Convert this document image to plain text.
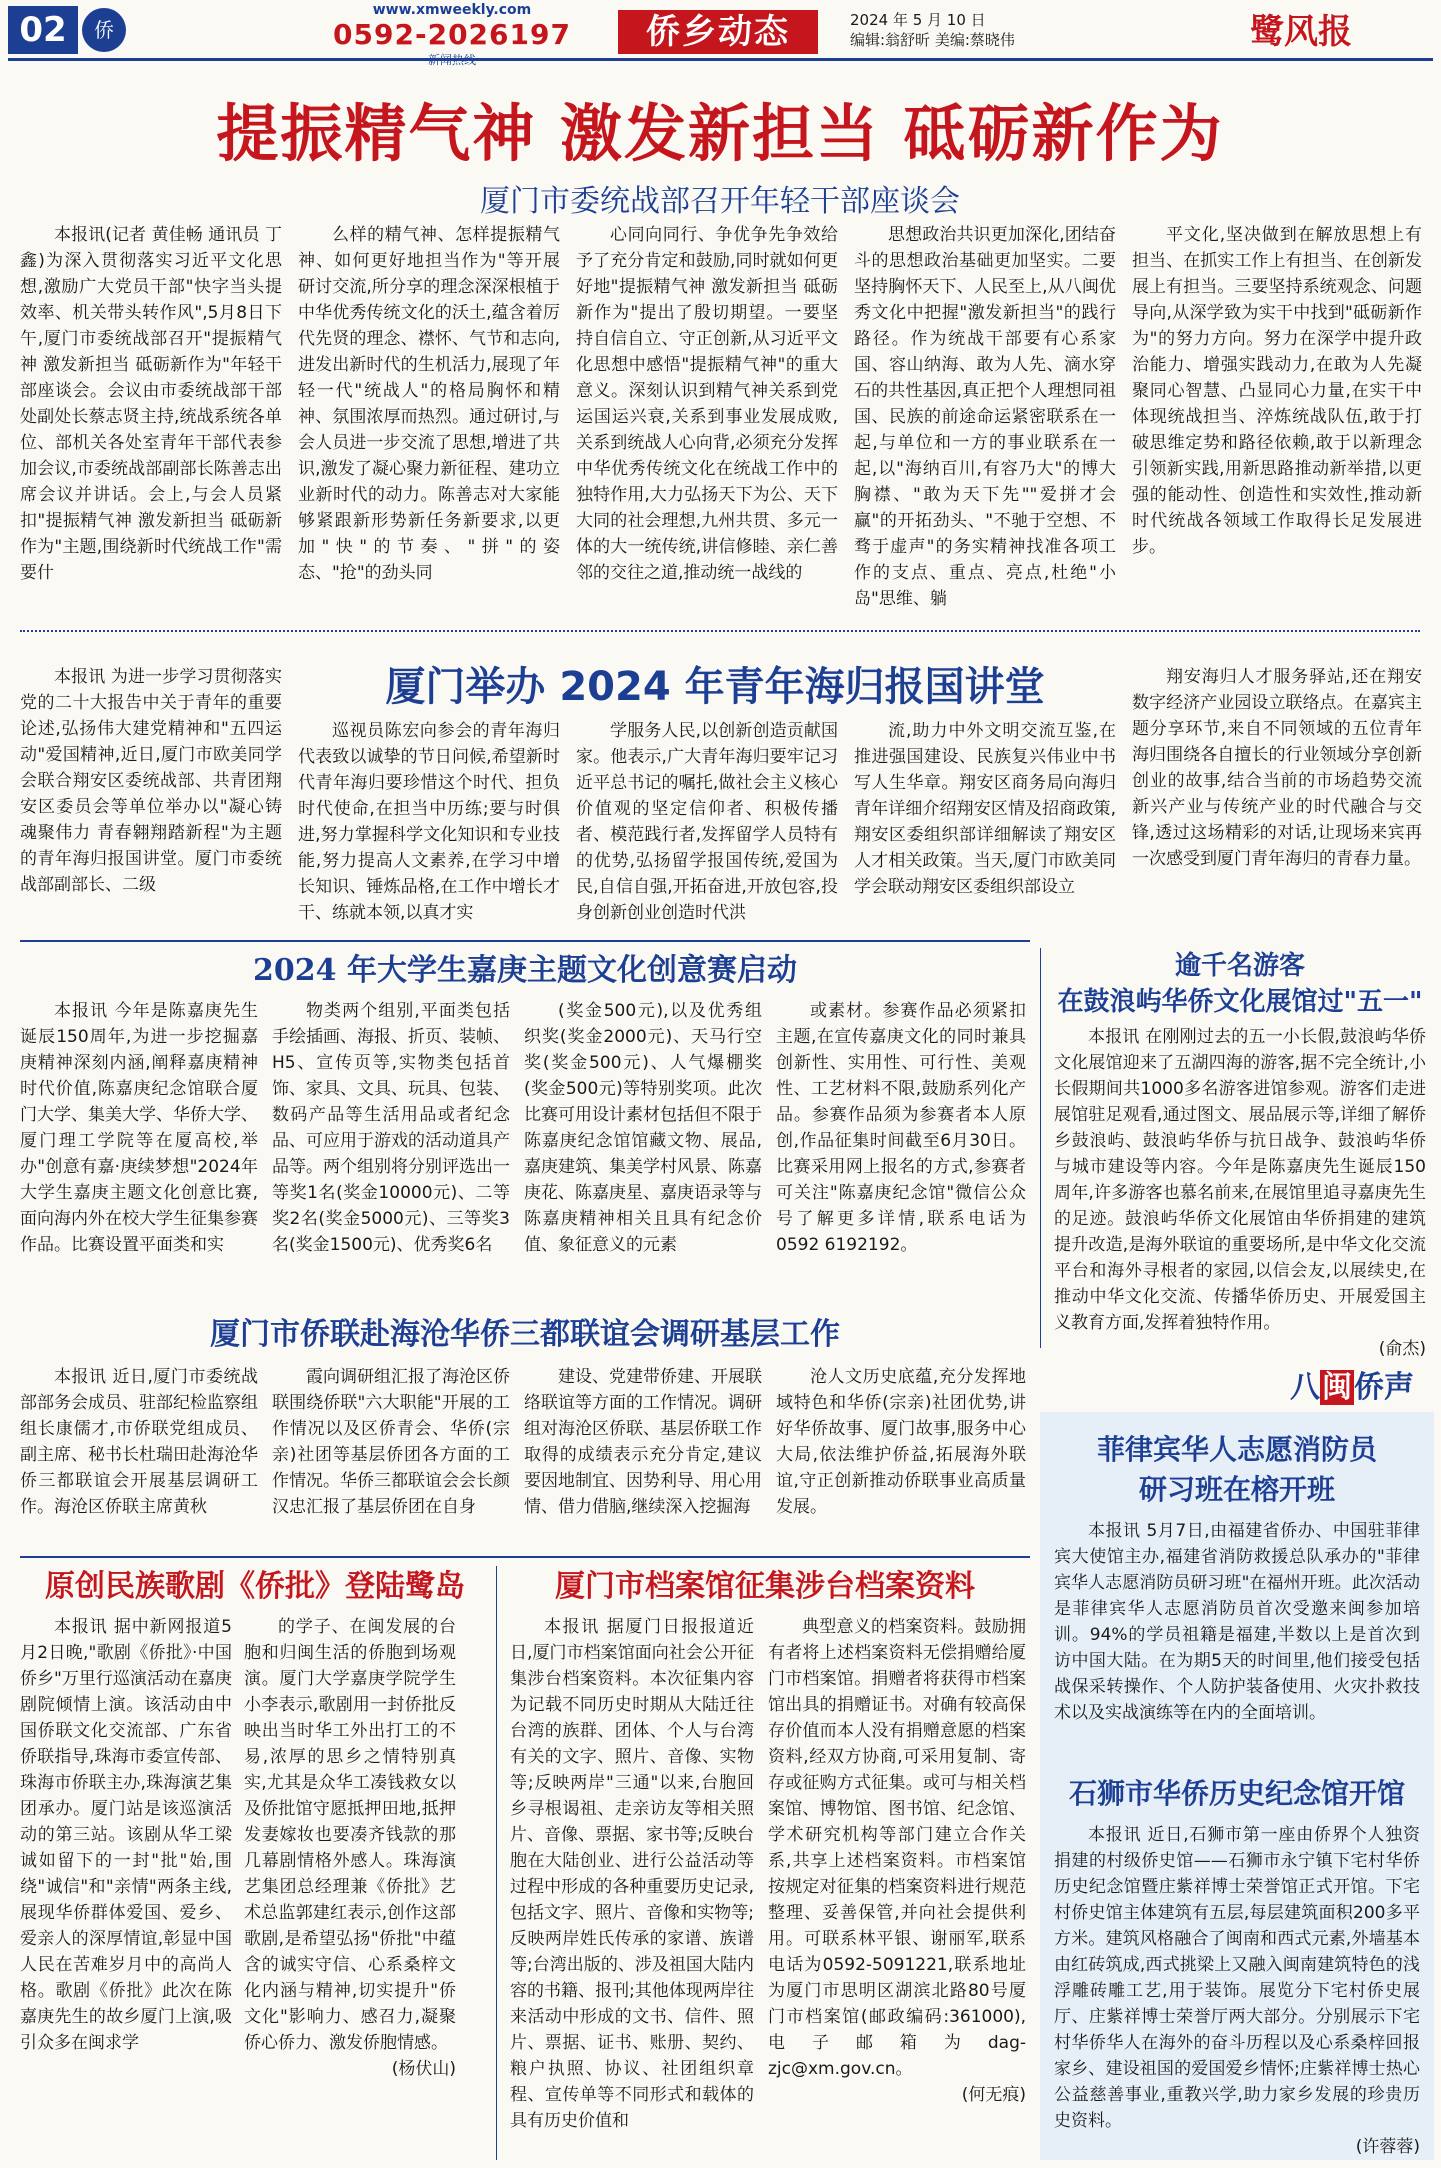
02	侨
www.xmweekly.com
0592-2026197	侨乡动态	2024 年 5 月 10 日
编辑:翁舒昕 美编:蔡晓伟	鹭风报
提振精气神 激发新担当 砥砺新作为
厦门市委统战部召开年轻干部座谈会

本报讯(记者 黄佳畅 通讯员 丁鑫)为深入贯彻落实习近平文化思想,激励广大党员干部"快字当头提效率、机关带头转作风",5月8日下午,厦门市委统战部召开"提振精气神 激发新担当 砥砺新作为"年轻干部座谈会。会议由市委统战部干部处副处长蔡志贤主持,统战系统各单位、部机关各处室青年干部代表参加会议,市委统战部副部长陈善志出席会议并讲话。会上,与会人员紧扣"提振精气神 激发新担当 砥砺新作为"主题,围绕新时代统战工作"需要什

么样的精气神、怎样提振精气神、如何更好地担当作为"等开展研讨交流,所分享的理念深深根植于中华优秀传统文化的沃土,蕴含着厉代先贤的理念、襟怀、气节和志向,进发出新时代的生机活力,展现了年轻一代"统战人"的格局胸怀和精神、氛围浓厚而热烈。通过研讨,与会人员进一步交流了思想,增进了共识,激发了凝心聚力新征程、建功立业新时代的动力。陈善志对大家能够紧跟新形势新任务新要求,以更加"快"的节奏、"拼"的姿态、"抢"的劲头同

心同向同行、争优争先争效给予了充分肯定和鼓励,同时就如何更好地"提振精气神 激发新担当 砥砺新作为"提出了殷切期望。一要坚持自信自立、守正创新,从习近平文化思想中感悟"提振精气神"的重大意义。深刻认识到精气神关系到党运国运兴衰,关系到事业发展成败,关系到统战人心向背,必须充分发挥中华优秀传统文化在统战工作中的独特作用,大力弘扬天下为公、天下大同的社会理想,九州共贯、多元一体的大一统传统,讲信修睦、亲仁善邻的交往之道,推动统一战线的

思想政治共识更加深化,团结奋斗的思想政治基础更加坚实。二要坚持胸怀天下、人民至上,从八闽优秀文化中把握"激发新担当"的践行路径。作为统战干部要有心系家国、容山纳海、敢为人先、滴水穿石的共性基因,真正把个人理想同祖国、民族的前途命运紧密联系在一起,与单位和一方的事业联系在一起,以"海纳百川,有容乃大"的博大胸襟、"敢为天下先""爱拼才会赢"的开拓劲头、"不驰于空想、不骛于虚声"的务实精神找准各项工作的支点、重点、亮点,杜绝"小岛"思维、躺

平文化,坚决做到在解放思想上有担当、在抓实工作上有担当、在创新发展上有担当。三要坚持系统观念、问题导向,从深学致为实干中找到"砥砺新作为"的努力方向。努力在深学中提升政治能力、增强实践动力,在敢为人先凝聚同心智慧、凸显同心力量,在实干中体现统战担当、淬炼统战队伍,敢于打破思维定势和路径依赖,敢于以新理念引领新实践,用新思路推动新举措,以更强的能动性、创造性和实效性,推动新时代统战各领域工作取得长足发展进步。

本报讯 为进一步学习贯彻落实党的二十大报告中关于青年的重要论述,弘扬伟大建党精神和"五四运动"爱国精神,近日,厦门市欧美同学会联合翔安区委统战部、共青团翔安区委员会等单位举办以"凝心铸魂聚伟力 青春翱翔踏新程"为主题的青年海归报国讲堂。厦门市委统战部副部长、二级

厦门举办 2024 年青年海归报国讲堂

巡视员陈宏向参会的青年海归代表致以诚挚的节日问候,希望新时代青年海归要珍惜这个时代、担负时代使命,在担当中历练;要与时俱进,努力掌握科学文化知识和专业技能,努力提高人文素养,在学习中增长知识、锤炼品格,在工作中增长才干、练就本领,以真才实

学服务人民,以创新创造贡献国家。他表示,广大青年海归要牢记习近平总书记的嘱托,做社会主义核心价值观的坚定信仰者、积极传播者、模范践行者,发挥留学人员特有的优势,弘扬留学报国传统,爱国为民,自信自强,开拓奋进,开放包容,投身创新创业创造时代洪

流,助力中外文明交流互鉴,在推进强国建设、民族复兴伟业中书写人生华章。翔安区商务局向海归青年详细介绍翔安区情及招商政策,翔安区委组织部详细解读了翔安区人才相关政策。当天,厦门市欧美同学会联动翔安区委组织部设立

翔安海归人才服务驿站,还在翔安数字经济产业园设立联络点。在嘉宾主题分享环节,来自不同领域的五位青年海归围绕各自擅长的行业领域分享创新创业的故事,结合当前的市场趋势交流新兴产业与传统产业的时代融合与交锋,透过这场精彩的对话,让现场来宾再一次感受到厦门青年海归的青春力量。

2024 年大学生嘉庚主题文化创意赛启动

本报讯 今年是陈嘉庚先生诞辰150周年,为进一步挖掘嘉庚精神深刻内涵,阐释嘉庚精神时代价值,陈嘉庚纪念馆联合厦门大学、集美大学、华侨大学、厦门理工学院等在厦高校,举办"创意有嘉·庚续梦想"2024年大学生嘉庚主题文化创意比赛,面向海内外在校大学生征集参赛作品。比赛设置平面类和实

物类两个组别,平面类包括手绘插画、海报、折页、装帧、H5、宣传页等,实物类包括首饰、家具、文具、玩具、包装、数码产品等生活用品或者纪念品、可应用于游戏的活动道具产品等。两个组别将分别评选出一等奖1名(奖金10000元)、二等奖2名(奖金5000元)、三等奖3名(奖金1500元)、优秀奖6名

(奖金500元),以及优秀组织奖(奖金2000元)、天马行空奖(奖金500元)、人气爆棚奖(奖金500元)等特别奖项。此次比赛可用设计素材包括但不限于陈嘉庚纪念馆馆藏文物、展品,嘉庚建筑、集美学村风景、陈嘉庚花、陈嘉庚星、嘉庚语录等与陈嘉庚精神相关且具有纪念价值、象征意义的元素

或素材。参赛作品必须紧扣主题,在宣传嘉庚文化的同时兼具创新性、实用性、可行性、美观性、工艺材料不限,鼓励系列化产品。参赛作品须为参赛者本人原创,作品征集时间截至6月30日。比赛采用网上报名的方式,参赛者可关注"陈嘉庚纪念馆"微信公众号了解更多详情,联系电话为0592 6192192。

逾千名游客
在鼓浪屿华侨文化展馆过"五一"

本报讯 在刚刚过去的五一小长假,鼓浪屿华侨文化展馆迎来了五湖四海的游客,据不完全统计,小长假期间共1000多名游客进馆参观。游客们走进展馆驻足观看,通过图文、展品展示等,详细了解侨乡鼓浪屿、鼓浪屿华侨与抗日战争、鼓浪屿华侨与城市建设等内容。今年是陈嘉庚先生诞辰150周年,许多游客也慕名前来,在展馆里追寻嘉庚先生的足迹。鼓浪屿华侨文化展馆由华侨捐建的建筑提升改造,是海外联谊的重要场所,是中华文化交流平台和海外寻根者的家园,以信会友,以展续史,在推动中华文化交流、传播华侨历史、开展爱国主义教育方面,发挥着独特作用。

(俞杰)
厦门市侨联赴海沧华侨三都联谊会调研基层工作

本报讯 近日,厦门市委统战部部务会成员、驻部纪检监察组组长康儒才,市侨联党组成员、副主席、秘书长杜瑞田赴海沧华侨三都联谊会开展基层调研工作。海沧区侨联主席黄秋

霞向调研组汇报了海沧区侨联围绕侨联"六大职能"开展的工作情况以及区侨青会、华侨(宗亲)社团等基层侨团各方面的工作情况。华侨三都联谊会会长颜汉忠汇报了基层侨团在自身

建设、党建带侨建、开展联络联谊等方面的工作情况。调研组对海沧区侨联、基层侨联工作取得的成绩表示充分肯定,建议要因地制宜、因势利导、用心用情、借力借脑,继续深入挖掘海

沧人文历史底蕴,充分发挥地域特色和华侨(宗亲)社团优势,讲好华侨故事、厦门故事,服务中心大局,依法维护侨益,拓展海外联谊,守正创新推动侨联事业高质量发展。

八闽侨声
菲律宾华人志愿消防员
研习班在榕开班

本报讯 5月7日,由福建省侨办、中国驻菲律宾大使馆主办,福建省消防救援总队承办的"菲律宾华人志愿消防员研习班"在福州开班。此次活动是菲律宾华人志愿消防员首次受邀来闽参加培训。94%的学员祖籍是福建,半数以上是首次到访中国大陆。在为期5天的时间里,他们接受包括战保采转操作、个人防护装备使用、火灾扑救技术以及实战演练等在内的全面培训。

石狮市华侨历史纪念馆开馆

本报讯 近日,石狮市第一座由侨界个人独资捐建的村级侨史馆——石狮市永宁镇下宅村华侨历史纪念馆暨庄紫祥博士荣誉馆正式开馆。下宅村侨史馆主体建筑有五层,每层建筑面积200多平方米。建筑风格融合了闽南和西式元素,外墙基本由红砖筑成,西式挑梁上又融入闽南建筑特色的浅浮雕砖雕工艺,用于装饰。展览分下宅村侨史展厅、庄紫祥博士荣誉厅两大部分。分别展示下宅村华侨华人在海外的奋斗历程以及心系桑梓回报家乡、建设祖国的爱国爱乡情怀;庄紫祥博士热心公益慈善事业,重教兴学,助力家乡发展的珍贵历史资料。

(许蓉蓉)
原创民族歌剧《侨批》登陆鹭岛

本报讯 据中新网报道5月2日晚,"歌剧《侨批》·中国侨乡"万里行巡演活动在嘉庚剧院倾情上演。该活动由中国侨联文化交流部、广东省侨联指导,珠海市委宣传部、珠海市侨联主办,珠海演艺集团承办。厦门站是该巡演活动的第三站。该剧从华工梁诚如留下的一封"批"始,围绕"诚信"和"亲情"两条主线,展现华侨群体爱国、爱乡、爱亲人的深厚情谊,彰显中国人民在苦难岁月中的高尚人格。歌剧《侨批》此次在陈嘉庚先生的故乡厦门上演,吸引众多在闽求学

的学子、在闽发展的台胞和归闽生活的侨胞到场观演。厦门大学嘉庚学院学生小李表示,歌剧用一封侨批反映出当时华工外出打工的不易,浓厚的思乡之情特别真实,尤其是众华工凑钱救女以及侨批馆守愿抵押田地,抵押发妻嫁妆也要凑齐钱款的那几幕剧情格外感人。珠海演艺集团总经理兼《侨批》艺术总监郭建红表示,创作这部歌剧,是希望弘扬"侨批"中蕴含的诚实守信、心系桑梓文化内涵与精神,切实提升"侨文化"影响力、感召力,凝聚侨心侨力、激发侨胞情感。

(杨伏山)
厦门市档案馆征集涉台档案资料

本报讯 据厦门日报报道近日,厦门市档案馆面向社会公开征集涉台档案资料。本次征集内容为记载不同历史时期从大陆迁往台湾的族群、团体、个人与台湾有关的文字、照片、音像、实物等;反映两岸"三通"以来,台胞回乡寻根谒祖、走亲访友等相关照片、音像、票据、家书等;反映台胞在大陆创业、进行公益活动等过程中形成的各种重要历史记录,包括文字、照片、音像和实物等;反映两岸姓氏传承的家谱、族谱等;台湾出版的、涉及祖国大陆内容的书籍、报刊;其他体现两岸往来活动中形成的文书、信件、照片、票据、证书、账册、契约、粮户执照、协议、社团组织章程、宣传单等不同形式和载体的具有历史价值和

典型意义的档案资料。鼓励拥有者将上述档案资料无偿捐赠给厦门市档案馆。捐赠者将获得市档案馆出具的捐赠证书。对确有较高保存价值而本人没有捐赠意愿的档案资料,经双方协商,可采用复制、寄存或征购方式征集。或可与相关档案馆、博物馆、图书馆、纪念馆、学术研究机构等部门建立合作关系,共享上述档案资料。市档案馆按规定对征集的档案资料进行规范整理、妥善保管,并向社会提供利用。可联系林平银、谢丽军,联系电话为0592-5091221,联系地址为厦门市思明区湖滨北路80号厦门市档案馆(邮政编码:361000),电子邮箱为dag-zjc@xm.gov.cn。

(何无痕)
